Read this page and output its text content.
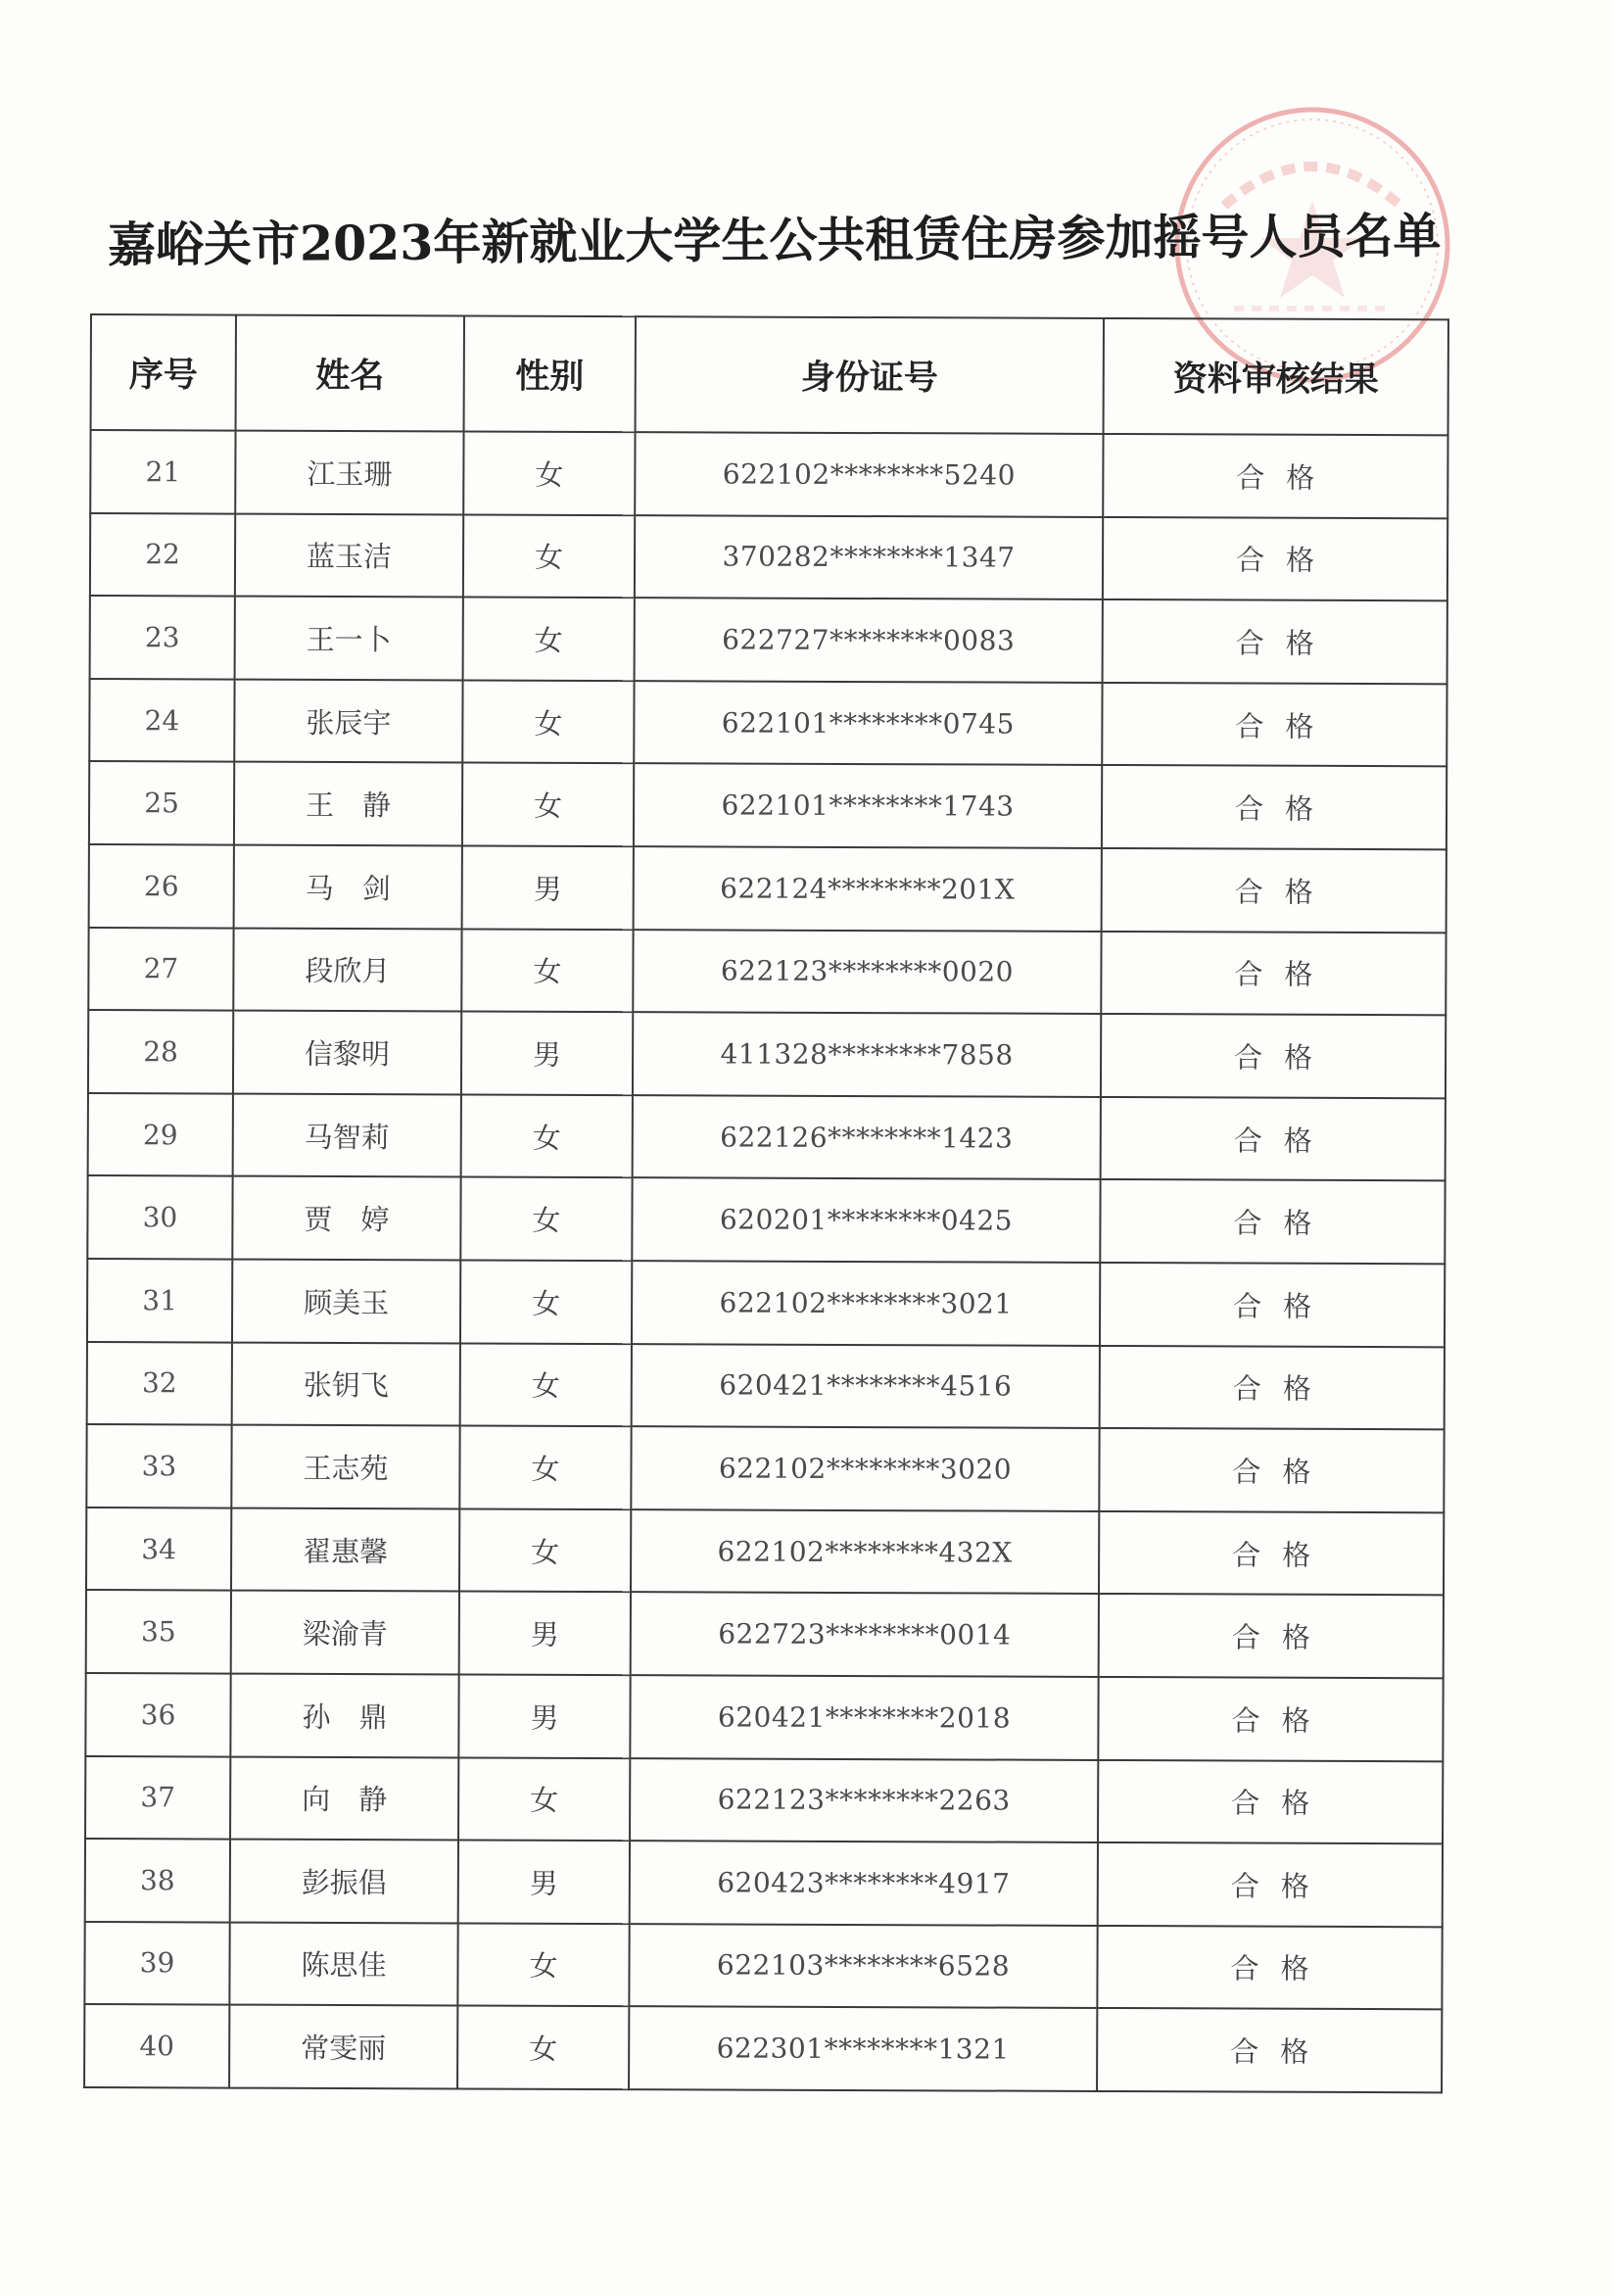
嘉峪关市2023年新就业大学生公共租赁住房参加摇号人员名单
序号	姓名	性别	身份证号	资料审核结果
21	江玉珊	女	622102********5240	合格
22	蓝玉洁	女	370282********1347	合格
23	王一卜	女	622727********0083	合格
24	张辰宇	女	622101********0745	合格
25	王　静	女	622101********1743	合格
26	马　剑	男	622124********201X	合格
27	段欣月	女	622123********0020	合格
28	信黎明	男	411328********7858	合格
29	马智莉	女	622126********1423	合格
30	贾　婷	女	620201********0425	合格
31	顾美玉	女	622102********3021	合格
32	张钥飞	女	620421********4516	合格
33	王志苑	女	622102********3020	合格
34	翟惠馨	女	622102********432X	合格
35	梁渝青	男	622723********0014	合格
36	孙　鼎	男	620421********2018	合格
37	向　静	女	622123********2263	合格
38	彭振倡	男	620423********4917	合格
39	陈思佳	女	622103********6528	合格
40	常雯丽	女	622301********1321	合格
